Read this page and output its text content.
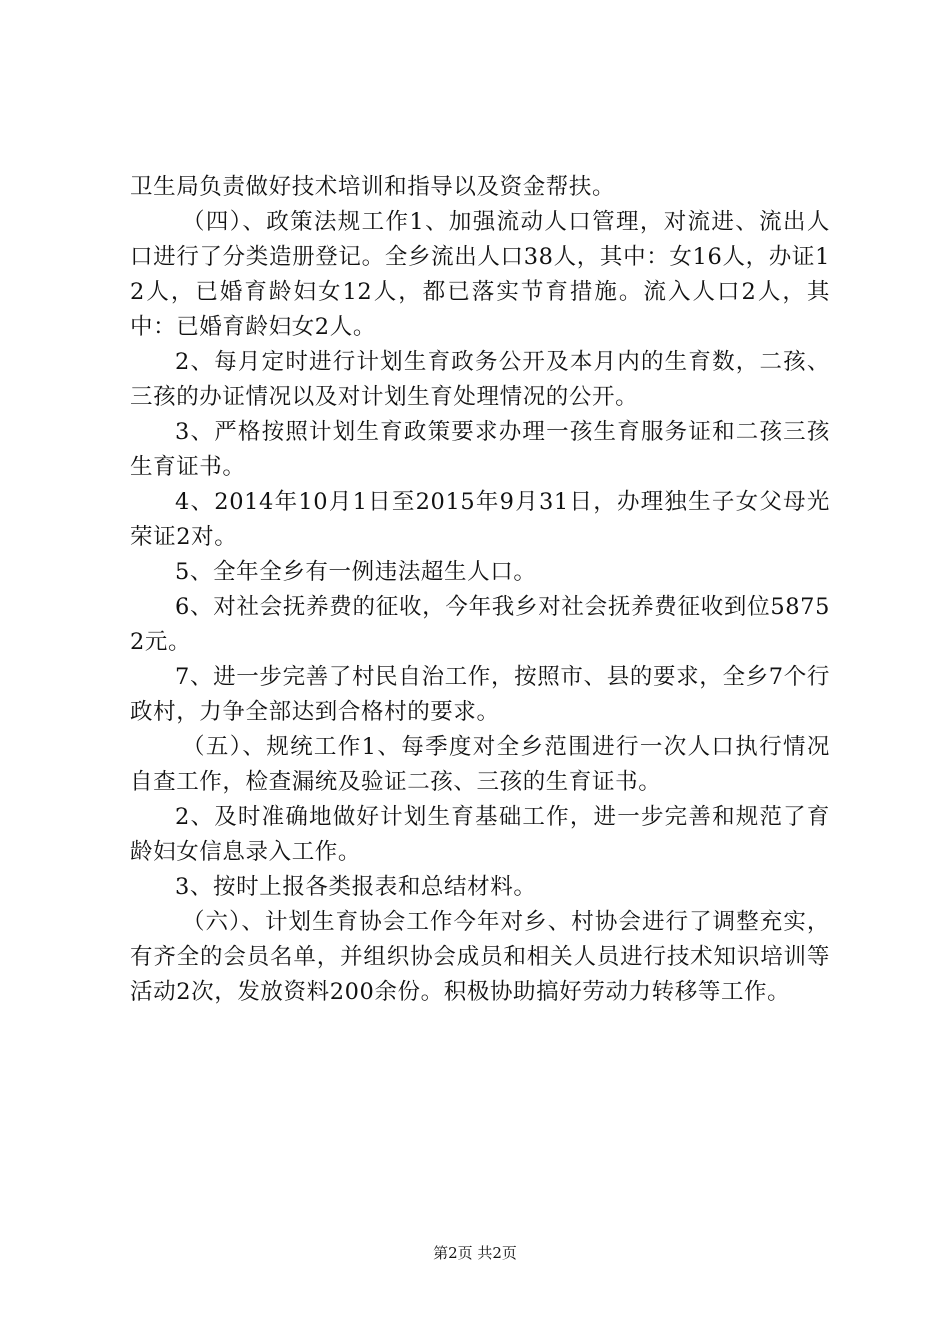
卫生局负责做好技术培训和指导以及资金帮扶。

（四）、政策法规工作1、加强流动人口管理，对流进、流出人口进行了分类造册登记。全乡流出人口38人，其中：女16人，办证12人，已婚育龄妇女12人，都已落实节育措施。流入人口2人，其中：已婚育龄妇女2人。

2、每月定时进行计划生育政务公开及本月内的生育数，二孩、三孩的办证情况以及对计划生育处理情况的公开。

3、严格按照计划生育政策要求办理一孩生育服务证和二孩三孩生育证书。

4、2014年10月1日至2015年9月31日，办理独生子女父母光荣证2对。

5、全年全乡有一例违法超生人口。

6、对社会抚养费的征收，今年我乡对社会抚养费征收到位58752元。

7、进一步完善了村民自治工作，按照市、县的要求，全乡7个行政村，力争全部达到合格村的要求。

（五）、规统工作1、每季度对全乡范围进行一次人口执行情况自查工作，检查漏统及验证二孩、三孩的生育证书。

2、及时准确地做好计划生育基础工作，进一步完善和规范了育龄妇女信息录入工作。

3、按时上报各类报表和总结材料。

（六）、计划生育协会工作今年对乡、村协会进行了调整充实，有齐全的会员名单，并组织协会成员和相关人员进行技术知识培训等活动2次，发放资料200余份。积极协助搞好劳动力转移等工作。

第2页 共2页
